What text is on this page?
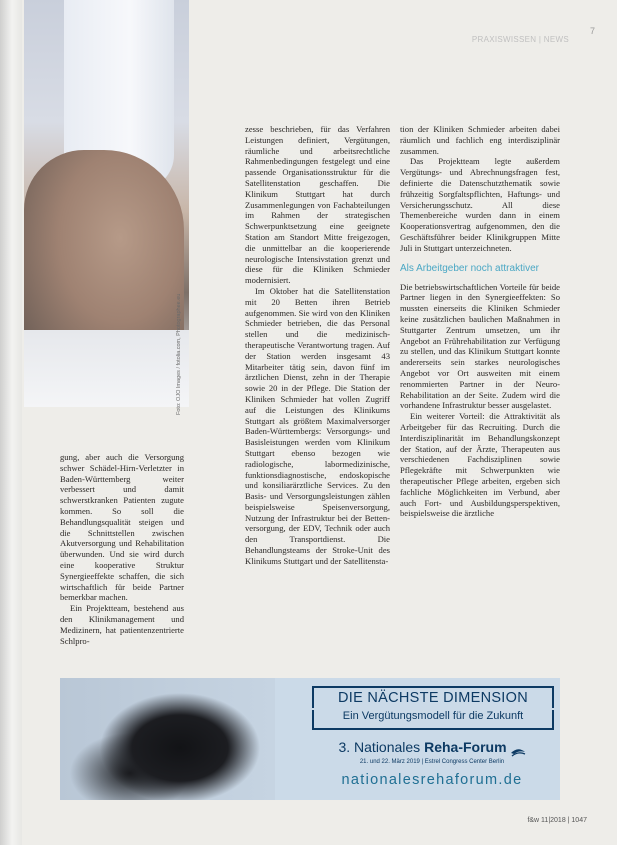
Foto: OJO Images / fotolia.com, Photographee.eu
PRAXISWISSEN | NEWS
7

gung, aber auch die Versorgung schwer Schädel-Hirn-Verletzter in Baden-Württemberg weiter verbessert und damit schwerstkranken Patienten zugute kommen. So soll die Behandlungsqualität steigen und die Schnittstellen zwischen Akutversorgung und Rehabilitation überwunden. Und sie wird durch eine kooperative Struktur Synergieeffekte schaffen, die sich wirtschaftlich für beide Partner bemerkbar machen.

Ein Projektteam, bestehend aus den Klinikmanagement und Medizinern, hat patientenzentrierte Schlpro-

zesse beschrieben, für das Verfahren Leistungen definiert, Vergütungen, räumliche und arbeitsrechtliche Rahmenbedingungen festgelegt und eine passende Organisationsstruktur für die Satellitenstation geschaffen. Die Klinikum Stuttgart hat durch Zusammenlegungen von Fachabteilungen im Rahmen der strategischen Schwerpunktsetzung eine geeignete Station am Standort Mitte freigezogen, die unmittelbar an die kooperierende neurologische Intensivstation grenzt und diese für die Kliniken Schmieder modernisiert.

Im Oktober hat die Satellitenstation mit 20 Betten ihren Betrieb aufgenommen. Sie wird von den Kliniken Schmieder betrieben, die das Personal stellen und die medizinisch-therapeutische Verantwortung tragen. Auf der Station werden insgesamt 43 Mitarbeiter tätig sein, davon fünf im ärztlichen Dienst, zehn in der Therapie sowie 20 in der Pflege. Die Station der Kliniken Schmieder hat vollen Zugriff auf die Leistungen des Klinikums Stuttgart als größtem Maximalversorger Baden-Württembergs: Versorgungs- und Basisleistungen werden vom Klinikum Stuttgart ebenso bezogen wie radiologische, labormedizinische, funktionsdiagnostische, endoskopische und konsiliarärztliche Services. Zu den Basis- und Versorgungsleistungen zählen beispielsweise Speisenversorgung, Nutzung der Infrastruktur bei der Betten-versorgung, der EDV, Technik oder auch den Transportdienst. Die Behandlungsteams der Stroke-Unit des Klinikums Stuttgart und der Satellitensta-

tion der Kliniken Schmieder arbeiten dabei räumlich und fachlich eng interdisziplinär zusammen.

Das Projektteam legte außerdem Vergütungs- und Abrechnungsfragen fest, definierte die Datenschutzthematik sowie frühzeitig Sorgfaltspflichten, Haftungs- und Versicherungsschutz. All diese Themenbereiche wurden dann in einem Kooperationsvertrag aufgenommen, den die Geschäftsführer beider Klinikgruppen Mitte Juli in Stuttgart unterzeichneten.

Als Arbeitgeber noch attraktiver

Die betriebswirtschaftlichen Vorteile für beide Partner liegen in den Synergieeffekten: So mussten einerseits die Kliniken Schmieder keine zusätzlichen baulichen Maßnahmen in Stuttgarter Zentrum umsetzen, um ihr Angebot an Frührehabilitation zur Verfügung zu stellen, und das Klinikum Stuttgart konnte andererseits sein starkes neurologisches Angebot vor Ort ausweiten mit einem renommierten Partner in der Neuro-Rehabilitation an der Seite. Zudem wird die vorhandene Infrastruktur besser ausgelastet.

Ein weiterer Vorteil: die Attraktivität als Arbeitgeber für das Recruiting. Durch die Interdisziplinarität im Behandlungskonzept der Station, auf der Ärzte, Therapeuten aus verschiedenen Fachdisziplinen sowie Pflegekräfte mit Schwerpunkten wie therapeutischer Pflege arbeiten, ergeben sich fachliche Möglichkeiten im Verbund, aber auch Fort- und Ausbildungsperspektiven, beispielsweise die ärztliche

DIE NÄCHSTE DIMENSION
Ein Vergütungsmodell für die Zukunft
3. Nationales Reha-Forum
21. und 22. März 2019 | Estrel Congress Center Berlin
nationalesrehaforum.de
f&w 11|2018 | 1047
